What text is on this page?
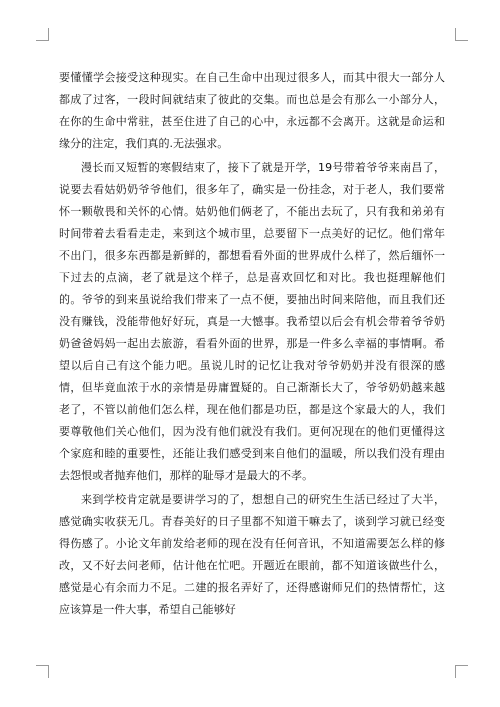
要懂懂学会接受这种现实。在自己生命中出现过很多人，而其中很大一部分人都成了过客，一段时间就结束了彼此的交集。而也总是会有那么一小部分人，在你的生命中常驻，甚至住进了自己的心中，永远都不会离开。这就是命运和缘分的注定，我们真的.无法强求。

漫长而又短暂的寒假结束了，接下了就是开学，19号带着爷爷来南昌了，说要去看姑奶奶爷爷他们，很多年了，确实是一份挂念，对于老人，我们要常怀一颗敬畏和关怀的心情。姑奶他们俩老了，不能出去玩了，只有我和弟弟有时间带着去看看走走，来到这个城市里，总要留下一点美好的记忆。他们常年不出门，很多东西都是新鲜的，都想看看外面的世界成什么样了，然后缅怀一下过去的点滴，老了就是这个样子，总是喜欢回忆和对比。我也挺理解他们的。爷爷的到来虽说给我们带来了一点不便，要抽出时间来陪他，而且我们还没有赚钱，没能带他好好玩，真是一大憾事。我希望以后会有机会带着爷爷奶奶爸爸妈妈一起出去旅游，看看外面的世界，那是一件多么幸福的事情啊。希望以后自己有这个能力吧。虽说儿时的记忆让我对爷爷奶奶并没有很深的感情，但毕竟血浓于水的亲情是毋庸置疑的。自己渐渐长大了，爷爷奶奶越来越老了，不管以前他们怎么样，现在他们都是功臣，都是这个家最大的人，我们要尊敬他们关心他们，因为没有他们就没有我们。更何况现在的他们更懂得这个家庭和睦的重要性，还能让我们感受到来自他们的温暖，所以我们没有理由去怨恨或者抛弃他们，那样的耻辱才是最大的不孝。

来到学校肯定就是要讲学习的了，想想自己的研究生生活已经过了大半，感觉确实收获无几。青春美好的日子里都不知道干嘛去了，谈到学习就已经变得伤感了。小论文年前发给老师的现在没有任何音讯，不知道需要怎么样的修改，又不好去问老师，估计他在忙吧。开题近在眼前，都不知道该做些什么，感觉是心有余而力不足。二建的报名弄好了，还得感谢师兄们的热情帮忙，这应该算是一件大事，希望自己能够好
